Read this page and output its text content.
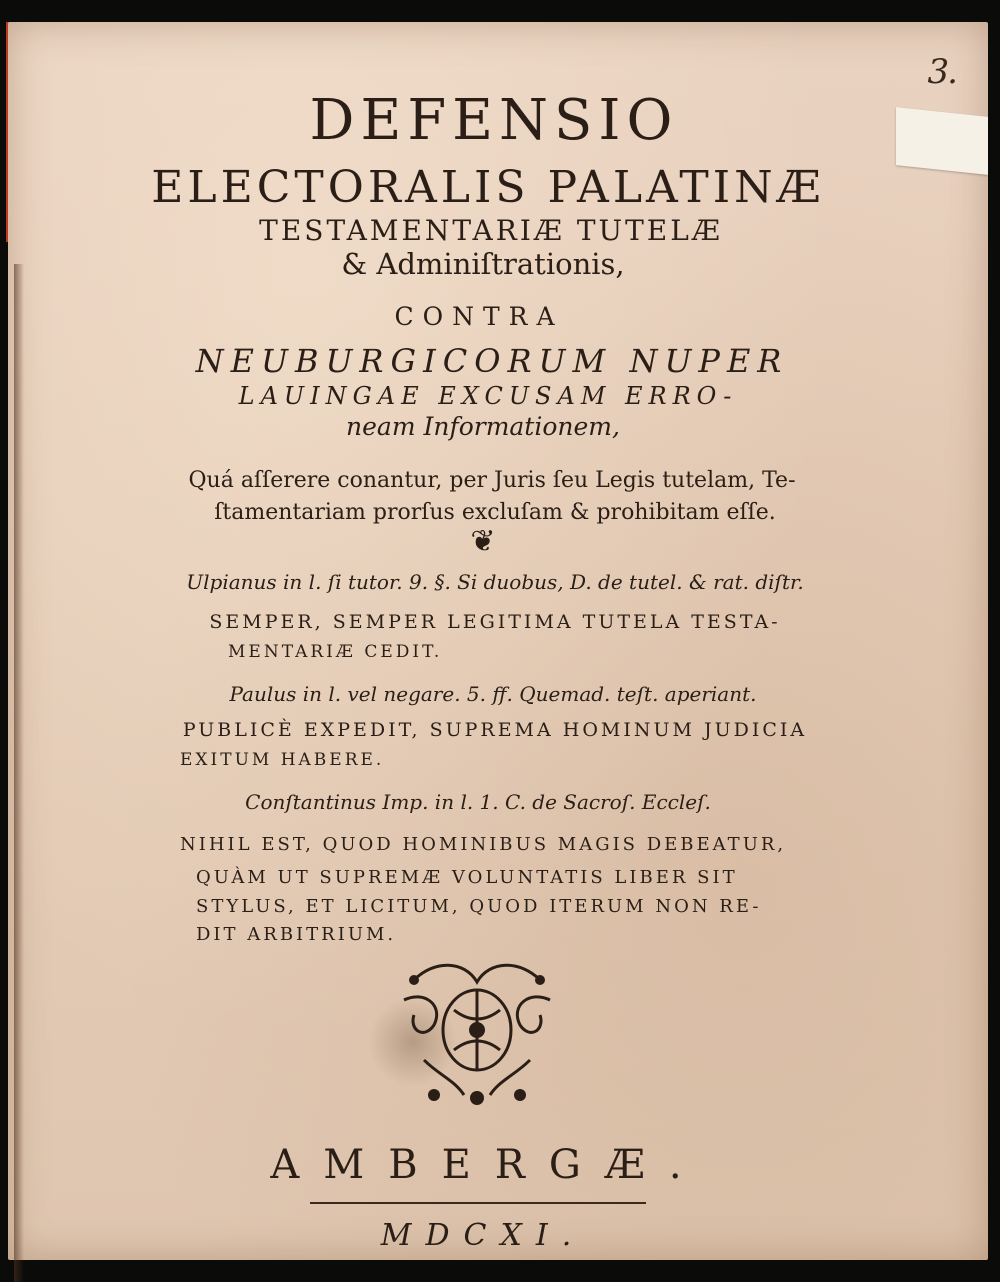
3.
DEFENSIO
ELECTORALIS PALATINÆ
TESTAMENTARIÆ TUTELÆ
& Adminiſtrationis,
CONTRA
NEUBURGICORUM NUPER
LAUINGAE EXCUSAM ERRO-
neam Informationem,
Quá aſſerere conantur, per Juris ſeu Legis tutelam, Te-
ſtamentariam prorſus excluſam & prohibitam eſſe.
❦
Ulpianus in l. ſi tutor. 9. §. Si duobus, D. de tutel. & rat. diſtr.
SEMPER, SEMPER LEGITIMA TUTELA TESTA-
MENTARIÆ CEDIT.
Paulus in l. vel negare. 5. ff. Quemad. teſt. aperiant.
PUBLICÈ EXPEDIT, SUPREMA HOMINUM JUDICIA
EXITUM HABERE.
Conſtantinus Imp. in l. 1. C. de Sacroſ. Eccleſ.
NIHIL EST, QUOD HOMINIBUS MAGIS DEBEATUR,
QUÀM UT SUPREMÆ VOLUNTATIS LIBER SIT
STYLUS, ET LICITUM, QUOD ITERUM NON RE-
DIT ARBITRIUM.
AMBERGÆ.
MDCXI.
